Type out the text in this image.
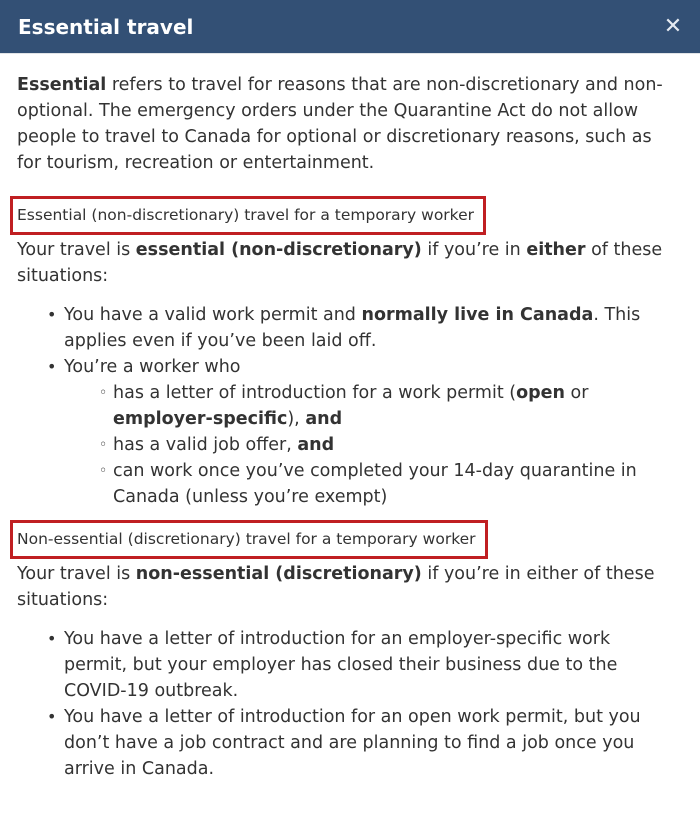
Essential travel	✕

Essential refers to travel for reasons that are non-discretionary and non-optional. The emergency orders under the Quarantine Act do not allow people to travel to Canada for optional or discretionary reasons, such as for tourism, recreation or entertainment.

Essential (non-discretionary) travel for a temporary worker

Your travel is essential (non-discretionary) if you’re in either of these situations:

• You have a valid work permit and normally live in Canada. This applies even if you’ve been laid off.
• You’re a worker who
◦ has a letter of introduction for a work permit (open or employer-specific), and
◦ has a valid job offer, and
◦ can work once you’ve completed your 14-day quarantine in Canada (unless you’re exempt)
Non-essential (discretionary) travel for a temporary worker

Your travel is non-essential (discretionary) if you’re in either of these situations:

• You have a letter of introduction for an employer-specific work permit, but your employer has closed their business due to the COVID-19 outbreak.
• You have a letter of introduction for an open work permit, but you don’t have a job contract and are planning to find a job once you arrive in Canada.
